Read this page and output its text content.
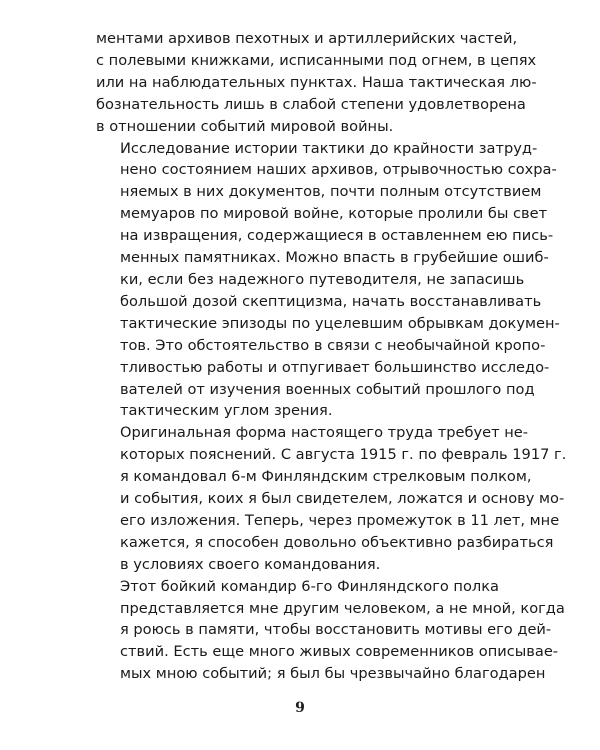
ментами архивов пехотных и артиллерийских частей,
с полевыми книжками, исписанными под огнем, в цепях
или на наблюдательных пунктах. Наша тактическая лю-
бознательность лишь в слабой степени удовлетворена
в отношении событий мировой войны.

Исследование истории тактики до крайности затруд-
нено состоянием наших архивов, отрывочностью сохра-
няемых в них документов, почти полным отсутствием
мемуаров по мировой войне, которые пролили бы свет
на извращения, содержащиеся в оставленнем ею пись-
менных памятниках. Можно впасть в грубейшие ошиб-
ки, если без надежного путеводителя, не запасишь
большой дозой скептицизма, начать восстанавливать
тактические эпизоды по уцелевшим обрывкам докумен-
тов. Это обстоятельство в связи с необычайной кропо-
тливостью работы и отпугивает большинство исследо-
вателей от изучения военных событий прошлого под
тактическим углом зрения.

Оригинальная форма настоящего труда требует не-
которых пояснений. С августа 1915 г. по февраль 1917 г.
я командовал 6-м Финляндским стрелковым полком,
и события, коих я был свидетелем, ложатся и основу мо-
его изложения. Теперь, через промежуток в 11 лет, мне
кажется, я способен довольно объективно разбираться
в условиях своего командования.

Этот бойкий командир 6-го Финляндского полка
представляется мне другим человеком, а не мной, когда
я роюсь в памяти, чтобы восстановить мотивы его дей-
ствий. Есть еще много живых современников описывае-
мых мною событий; я был бы чрезвычайно благодарен

9
